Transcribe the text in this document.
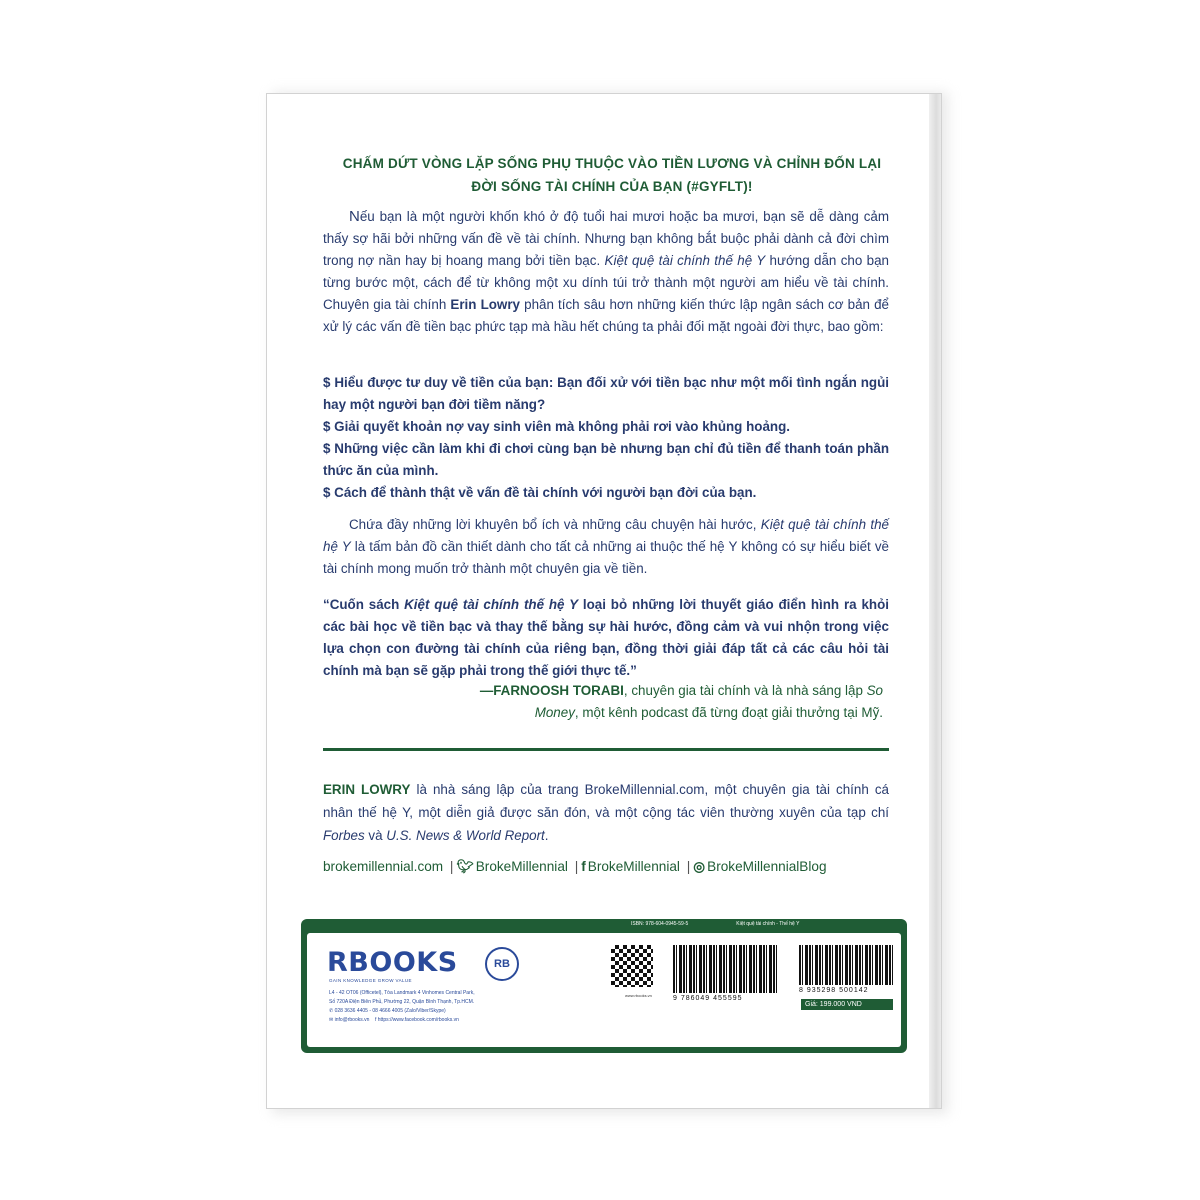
CHẤM DỨT VÒNG LẶP SỐNG PHỤ THUỘC VÀO TIỀN LƯƠNG VÀ CHỈNH ĐỐN LẠI
ĐỜI SỐNG TÀI CHÍNH CỦA BẠN (#GYFLT)!
Nếu bạn là một người khốn khó ở độ tuổi hai mươi hoặc ba mươi, bạn sẽ dễ dàng cảm thấy sợ hãi bởi những vấn đề về tài chính. Nhưng bạn không bắt buộc phải dành cả đời chìm trong nợ nần hay bị hoang mang bởi tiền bạc. Kiệt quệ tài chính thế hệ Y hướng dẫn cho bạn từng bước một, cách để từ không một xu dính túi trở thành một người am hiểu về tài chính. Chuyên gia tài chính Erin Lowry phân tích sâu hơn những kiến thức lập ngân sách cơ bản để xử lý các vấn đề tiền bạc phức tạp mà hầu hết chúng ta phải đối mặt ngoài đời thực, bao gồm:
$ Hiểu được tư duy về tiền của bạn: Bạn đối xử với tiền bạc như một mối tình ngắn ngủi hay một người bạn đời tiềm năng?
$ Giải quyết khoản nợ vay sinh viên mà không phải rơi vào khủng hoảng.
$ Những việc cần làm khi đi chơi cùng bạn bè nhưng bạn chỉ đủ tiền để thanh toán phần thức ăn của mình.
$ Cách để thành thật về vấn đề tài chính với người bạn đời của bạn.
Chứa đầy những lời khuyên bổ ích và những câu chuyện hài hước, Kiệt quệ tài chính thế hệ Y là tấm bản đồ cần thiết dành cho tất cả những ai thuộc thế hệ Y không có sự hiểu biết về tài chính mong muốn trở thành một chuyên gia về tiền.
“Cuốn sách Kiệt quệ tài chính thế hệ Y loại bỏ những lời thuyết giáo điển hình ra khỏi các bài học về tiền bạc và thay thế bằng sự hài hước, đồng cảm và vui nhộn trong việc lựa chọn con đường tài chính của riêng bạn, đồng thời giải đáp tất cả các câu hỏi tài chính mà bạn sẽ gặp phải trong thế giới thực tế.”
—FARNOOSH TORABI, chuyên gia tài chính và là nhà sáng lập So Money, một kênh podcast đã từng đoạt giải thưởng tại Mỹ.
ERIN LOWRY là nhà sáng lập của trang BrokeMillennial.com, một chuyên gia tài chính cá nhân thế hệ Y, một diễn giả được săn đón, và một cộng tác viên thường xuyên của tạp chí Forbes và U.S. News & World Report.
brokemillennial.com | 🐦︎ BrokeMillennial | f BrokeMillennial | ◎ BrokeMillennialBlog
ISBN: 978-604-0945-59-5	Kiệt quệ tài chính - Thế hệ Y
RBOOKS	RB
GAIN KNOWLEDGE GROW VALUE
L4 - 42 OT06 (Officetel), Tòa Landmark 4 Vinhomes Central Park,
Số 720A Điện Biên Phủ, Phường 22, Quận Bình Thạnh, Tp.HCM.
✆ 028 3636 4405 - 08 4666 4005 (Zalo/Viber/Skype)
✉ info@rbooks.vn f https://www.facebook.com/rbooks.vn
www.rbooks.vn	9 786049 455595
8 935298 500142
Giá: 199.000 VND
